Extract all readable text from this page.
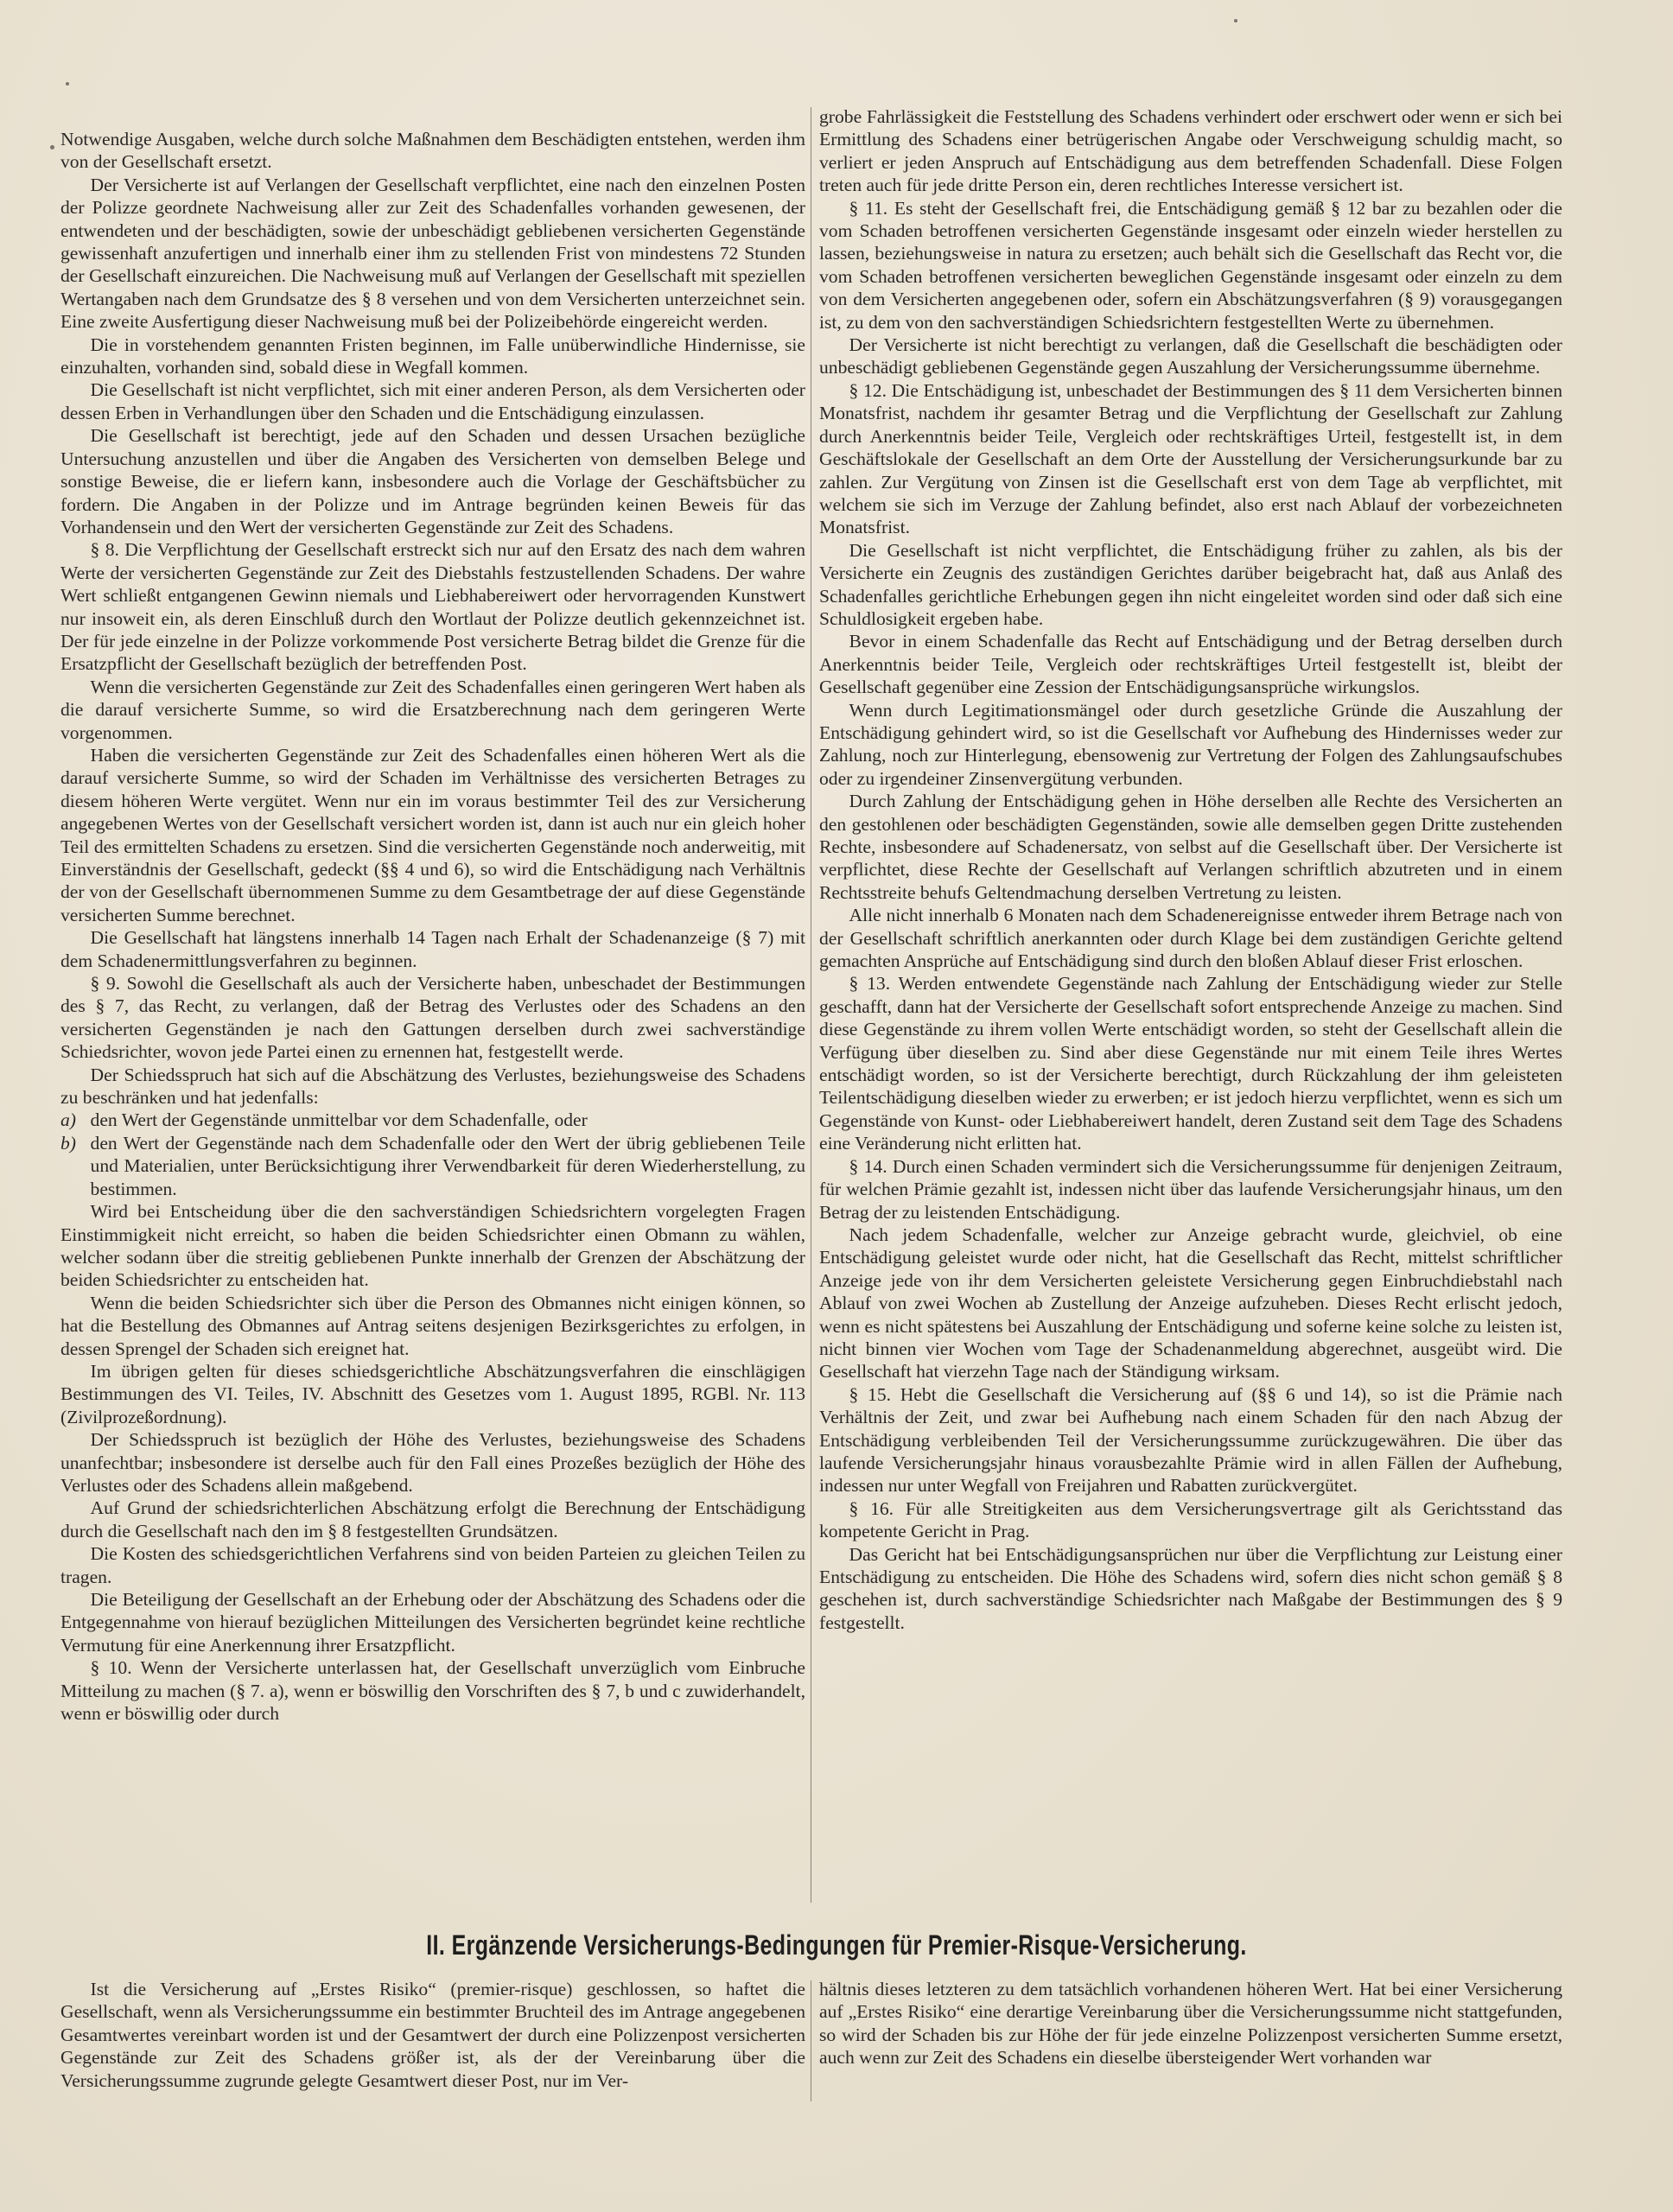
Notwendige Ausgaben, welche durch solche Maßnahmen dem Beschädigten entstehen, werden ihm von der Gesellschaft ersetzt.

Der Versicherte ist auf Verlangen der Gesellschaft verpflichtet, eine nach den einzelnen Posten der Polizze geordnete Nachweisung aller zur Zeit des Schadenfalles vorhanden gewesenen, der entwendeten und der beschädigten, sowie der unbeschädigt gebliebenen versicherten Gegenstände gewissenhaft anzufertigen und innerhalb einer ihm zu stellenden Frist von mindestens 72 Stunden der Gesellschaft einzureichen. Die Nachweisung muß auf Verlangen der Gesellschaft mit speziellen Wertangaben nach dem Grundsatze des § 8 versehen und von dem Versicherten unterzeichnet sein. Eine zweite Ausfertigung dieser Nachweisung muß bei der Polizeibehörde eingereicht werden.

Die in vorstehendem genannten Fristen beginnen, im Falle unüberwindliche Hindernisse, sie einzuhalten, vorhanden sind, sobald diese in Wegfall kommen.

Die Gesellschaft ist nicht verpflichtet, sich mit einer anderen Person, als dem Versicherten oder dessen Erben in Verhandlungen über den Schaden und die Entschädigung einzulassen.

Die Gesellschaft ist berechtigt, jede auf den Schaden und dessen Ursachen bezügliche Untersuchung anzustellen und über die Angaben des Versicherten von demselben Belege und sonstige Beweise, die er liefern kann, insbesondere auch die Vorlage der Geschäftsbücher zu fordern. Die Angaben in der Polizze und im Antrage begründen keinen Beweis für das Vorhandensein und den Wert der versicherten Gegenstände zur Zeit des Schadens.

§ 8. Die Verpflichtung der Gesellschaft erstreckt sich nur auf den Ersatz des nach dem wahren Werte der versicherten Gegenstände zur Zeit des Diebstahls festzustellenden Schadens. Der wahre Wert schließt entgangenen Gewinn niemals und Liebhabereiwert oder hervorragenden Kunstwert nur insoweit ein, als deren Einschluß durch den Wortlaut der Polizze deutlich gekennzeichnet ist. Der für jede einzelne in der Polizze vorkommende Post versicherte Betrag bildet die Grenze für die Ersatzpflicht der Gesellschaft bezüglich der betreffenden Post.

Wenn die versicherten Gegenstände zur Zeit des Schadenfalles einen geringeren Wert haben als die darauf versicherte Summe, so wird die Ersatzberechnung nach dem geringeren Werte vorgenommen.

Haben die versicherten Gegenstände zur Zeit des Schadenfalles einen höheren Wert als die darauf versicherte Summe, so wird der Schaden im Verhältnisse des versicherten Betrages zu diesem höheren Werte vergütet. Wenn nur ein im voraus bestimmter Teil des zur Versicherung angegebenen Wertes von der Gesellschaft versichert worden ist, dann ist auch nur ein gleich hoher Teil des ermittelten Schadens zu ersetzen. Sind die versicherten Gegenstände noch anderweitig, mit Einverständnis der Gesellschaft, gedeckt (§§ 4 und 6), so wird die Entschädigung nach Verhältnis der von der Gesellschaft übernommenen Summe zu dem Gesamtbetrage der auf diese Gegenstände versicherten Summe berechnet.

Die Gesellschaft hat längstens innerhalb 14 Tagen nach Erhalt der Schadenanzeige (§ 7) mit dem Schadenermittlungsverfahren zu beginnen.

§ 9. Sowohl die Gesellschaft als auch der Versicherte haben, unbeschadet der Bestimmungen des § 7, das Recht, zu verlangen, daß der Betrag des Verlustes oder des Schadens an den versicherten Gegenständen je nach den Gattungen derselben durch zwei sachverständige Schiedsrichter, wovon jede Partei einen zu ernennen hat, festgestellt werde.

Der Schiedsspruch hat sich auf die Abschätzung des Verlustes, beziehungsweise des Schadens zu beschränken und hat jedenfalls:

a) den Wert der Gegenstände unmittelbar vor dem Schadenfalle, oder

b) den Wert der Gegenstände nach dem Schadenfalle oder den Wert der übrig gebliebenen Teile und Materialien, unter Berücksichtigung ihrer Verwendbarkeit für deren Wiederherstellung, zu bestimmen.

Wird bei Entscheidung über die den sachverständigen Schiedsrichtern vorgelegten Fragen Einstimmigkeit nicht erreicht, so haben die beiden Schiedsrichter einen Obmann zu wählen, welcher sodann über die streitig gebliebenen Punkte innerhalb der Grenzen der Abschätzung der beiden Schiedsrichter zu entscheiden hat.

Wenn die beiden Schiedsrichter sich über die Person des Obmannes nicht einigen können, so hat die Bestellung des Obmannes auf Antrag seitens desjenigen Bezirksgerichtes zu erfolgen, in dessen Sprengel der Schaden sich ereignet hat.

Im übrigen gelten für dieses schiedsgerichtliche Abschätzungsverfahren die einschlägigen Bestimmungen des VI. Teiles, IV. Abschnitt des Gesetzes vom 1. August 1895, RGBl. Nr. 113 (Zivilprozeßordnung).

Der Schiedsspruch ist bezüglich der Höhe des Verlustes, beziehungsweise des Schadens unanfechtbar; insbesondere ist derselbe auch für den Fall eines Prozeßes bezüglich der Höhe des Verlustes oder des Schadens allein maßgebend.

Auf Grund der schiedsrichterlichen Abschätzung erfolgt die Berechnung der Entschädigung durch die Gesellschaft nach den im § 8 festgestellten Grundsätzen.

Die Kosten des schiedsgerichtlichen Verfahrens sind von beiden Parteien zu gleichen Teilen zu tragen.

Die Beteiligung der Gesellschaft an der Erhebung oder der Abschätzung des Schadens oder die Entgegennahme von hierauf bezüglichen Mitteilungen des Versicherten begründet keine rechtliche Vermutung für eine Anerkennung ihrer Ersatzpflicht.

§ 10. Wenn der Versicherte unterlassen hat, der Gesellschaft unverzüglich vom Einbruche Mitteilung zu machen (§ 7. a), wenn er böswillig den Vorschriften des § 7, b und c zuwiderhandelt, wenn er böswillig oder durch

grobe Fahrlässigkeit die Feststellung des Schadens verhindert oder erschwert oder wenn er sich bei Ermittlung des Schadens einer betrügerischen Angabe oder Verschweigung schuldig macht, so verliert er jeden Anspruch auf Entschädigung aus dem betreffenden Schadenfall. Diese Folgen treten auch für jede dritte Person ein, deren rechtliches Interesse versichert ist.

§ 11. Es steht der Gesellschaft frei, die Entschädigung gemäß § 12 bar zu bezahlen oder die vom Schaden betroffenen versicherten Gegenstände insgesamt oder einzeln wieder herstellen zu lassen, beziehungsweise in natura zu ersetzen; auch behält sich die Gesellschaft das Recht vor, die vom Schaden betroffenen versicherten beweglichen Gegenstände insgesamt oder einzeln zu dem von dem Versicherten angegebenen oder, sofern ein Abschätzungsverfahren (§ 9) vorausgegangen ist, zu dem von den sachverständigen Schiedsrichtern festgestellten Werte zu übernehmen.

Der Versicherte ist nicht berechtigt zu verlangen, daß die Gesellschaft die beschädigten oder unbeschädigt gebliebenen Gegenstände gegen Auszahlung der Versicherungssumme übernehme.

§ 12. Die Entschädigung ist, unbeschadet der Bestimmungen des § 11 dem Versicherten binnen Monatsfrist, nachdem ihr gesamter Betrag und die Verpflichtung der Gesellschaft zur Zahlung durch Anerkenntnis beider Teile, Vergleich oder rechtskräftiges Urteil, festgestellt ist, in dem Geschäftslokale der Gesellschaft an dem Orte der Ausstellung der Versicherungsurkunde bar zu zahlen. Zur Vergütung von Zinsen ist die Gesellschaft erst von dem Tage ab verpflichtet, mit welchem sie sich im Verzuge der Zahlung befindet, also erst nach Ablauf der vorbezeichneten Monatsfrist.

Die Gesellschaft ist nicht verpflichtet, die Entschädigung früher zu zahlen, als bis der Versicherte ein Zeugnis des zuständigen Gerichtes darüber beigebracht hat, daß aus Anlaß des Schadenfalles gerichtliche Erhebungen gegen ihn nicht eingeleitet worden sind oder daß sich eine Schuldlosigkeit ergeben habe.

Bevor in einem Schadenfalle das Recht auf Entschädigung und der Betrag derselben durch Anerkenntnis beider Teile, Vergleich oder rechtskräftiges Urteil festgestellt ist, bleibt der Gesellschaft gegenüber eine Zession der Entschädigungsansprüche wirkungslos.

Wenn durch Legitimationsmängel oder durch gesetzliche Gründe die Auszahlung der Entschädigung gehindert wird, so ist die Gesellschaft vor Aufhebung des Hindernisses weder zur Zahlung, noch zur Hinterlegung, ebensowenig zur Vertretung der Folgen des Zahlungsaufschubes oder zu irgendeiner Zinsenvergütung verbunden.

Durch Zahlung der Entschädigung gehen in Höhe derselben alle Rechte des Versicherten an den gestohlenen oder beschädigten Gegenständen, sowie alle demselben gegen Dritte zustehenden Rechte, insbesondere auf Schadenersatz, von selbst auf die Gesellschaft über. Der Versicherte ist verpflichtet, diese Rechte der Gesellschaft auf Verlangen schriftlich abzutreten und in einem Rechtsstreite behufs Geltendmachung derselben Vertretung zu leisten.

Alle nicht innerhalb 6 Monaten nach dem Schadenereignisse entweder ihrem Betrage nach von der Gesellschaft schriftlich anerkannten oder durch Klage bei dem zuständigen Gerichte geltend gemachten Ansprüche auf Entschädigung sind durch den bloßen Ablauf dieser Frist erloschen.

§ 13. Werden entwendete Gegenstände nach Zahlung der Entschädigung wieder zur Stelle geschafft, dann hat der Versicherte der Gesellschaft sofort entsprechende Anzeige zu machen. Sind diese Gegenstände zu ihrem vollen Werte entschädigt worden, so steht der Gesellschaft allein die Verfügung über dieselben zu. Sind aber diese Gegenstände nur mit einem Teile ihres Wertes entschädigt worden, so ist der Versicherte berechtigt, durch Rückzahlung der ihm geleisteten Teilentschädigung dieselben wieder zu erwerben; er ist jedoch hierzu verpflichtet, wenn es sich um Gegenstände von Kunst- oder Liebhabereiwert handelt, deren Zustand seit dem Tage des Schadens eine Veränderung nicht erlitten hat.

§ 14. Durch einen Schaden vermindert sich die Versicherungssumme für denjenigen Zeitraum, für welchen Prämie gezahlt ist, indessen nicht über das laufende Versicherungsjahr hinaus, um den Betrag der zu leistenden Entschädigung.

Nach jedem Schadenfalle, welcher zur Anzeige gebracht wurde, gleichviel, ob eine Entschädigung geleistet wurde oder nicht, hat die Gesellschaft das Recht, mittelst schriftlicher Anzeige jede von ihr dem Versicherten geleistete Versicherung gegen Einbruchdiebstahl nach Ablauf von zwei Wochen ab Zustellung der Anzeige aufzuheben. Dieses Recht erlischt jedoch, wenn es nicht spätestens bei Auszahlung der Entschädigung und soferne keine solche zu leisten ist, nicht binnen vier Wochen vom Tage der Schadenanmeldung abgerechnet, ausgeübt wird. Die Gesellschaft hat vierzehn Tage nach der Ständigung wirksam.

§ 15. Hebt die Gesellschaft die Versicherung auf (§§ 6 und 14), so ist die Prämie nach Verhältnis der Zeit, und zwar bei Aufhebung nach einem Schaden für den nach Abzug der Entschädigung verbleibenden Teil der Versicherungssumme zurückzugewähren. Die über das laufende Versicherungsjahr hinaus vorausbezahlte Prämie wird in allen Fällen der Aufhebung, indessen nur unter Wegfall von Freijahren und Rabatten zurückvergütet.

§ 16. Für alle Streitigkeiten aus dem Versicherungsvertrage gilt als Gerichtsstand das kompetente Gericht in Prag.

Das Gericht hat bei Entschädigungsansprüchen nur über die Verpflichtung zur Leistung einer Entschädigung zu entscheiden. Die Höhe des Schadens wird, sofern dies nicht schon gemäß § 8 geschehen ist, durch sachverständige Schiedsrichter nach Maßgabe der Bestimmungen des § 9 festgestellt.

II. Ergänzende Versicherungs-Bedingungen für Premier-Risque-Versicherung.

Ist die Versicherung auf „Erstes Risiko“ (premier-risque) geschlossen, so haftet die Gesellschaft, wenn als Versicherungssumme ein bestimmter Bruchteil des im Antrage angegebenen Gesamtwertes vereinbart worden ist und der Gesamtwert der durch eine Polizzenpost versicherten Gegenstände zur Zeit des Schadens größer ist, als der der Vereinbarung über die Versicherungssumme zugrunde gelegte Gesamtwert dieser Post, nur im Ver-

hältnis dieses letzteren zu dem tatsächlich vorhandenen höheren Wert. Hat bei einer Versicherung auf „Erstes Risiko“ eine derartige Vereinbarung über die Versicherungssumme nicht stattgefunden, so wird der Schaden bis zur Höhe der für jede einzelne Polizzenpost versicherten Summe ersetzt, auch wenn zur Zeit des Schadens ein dieselbe übersteigender Wert vorhanden war
